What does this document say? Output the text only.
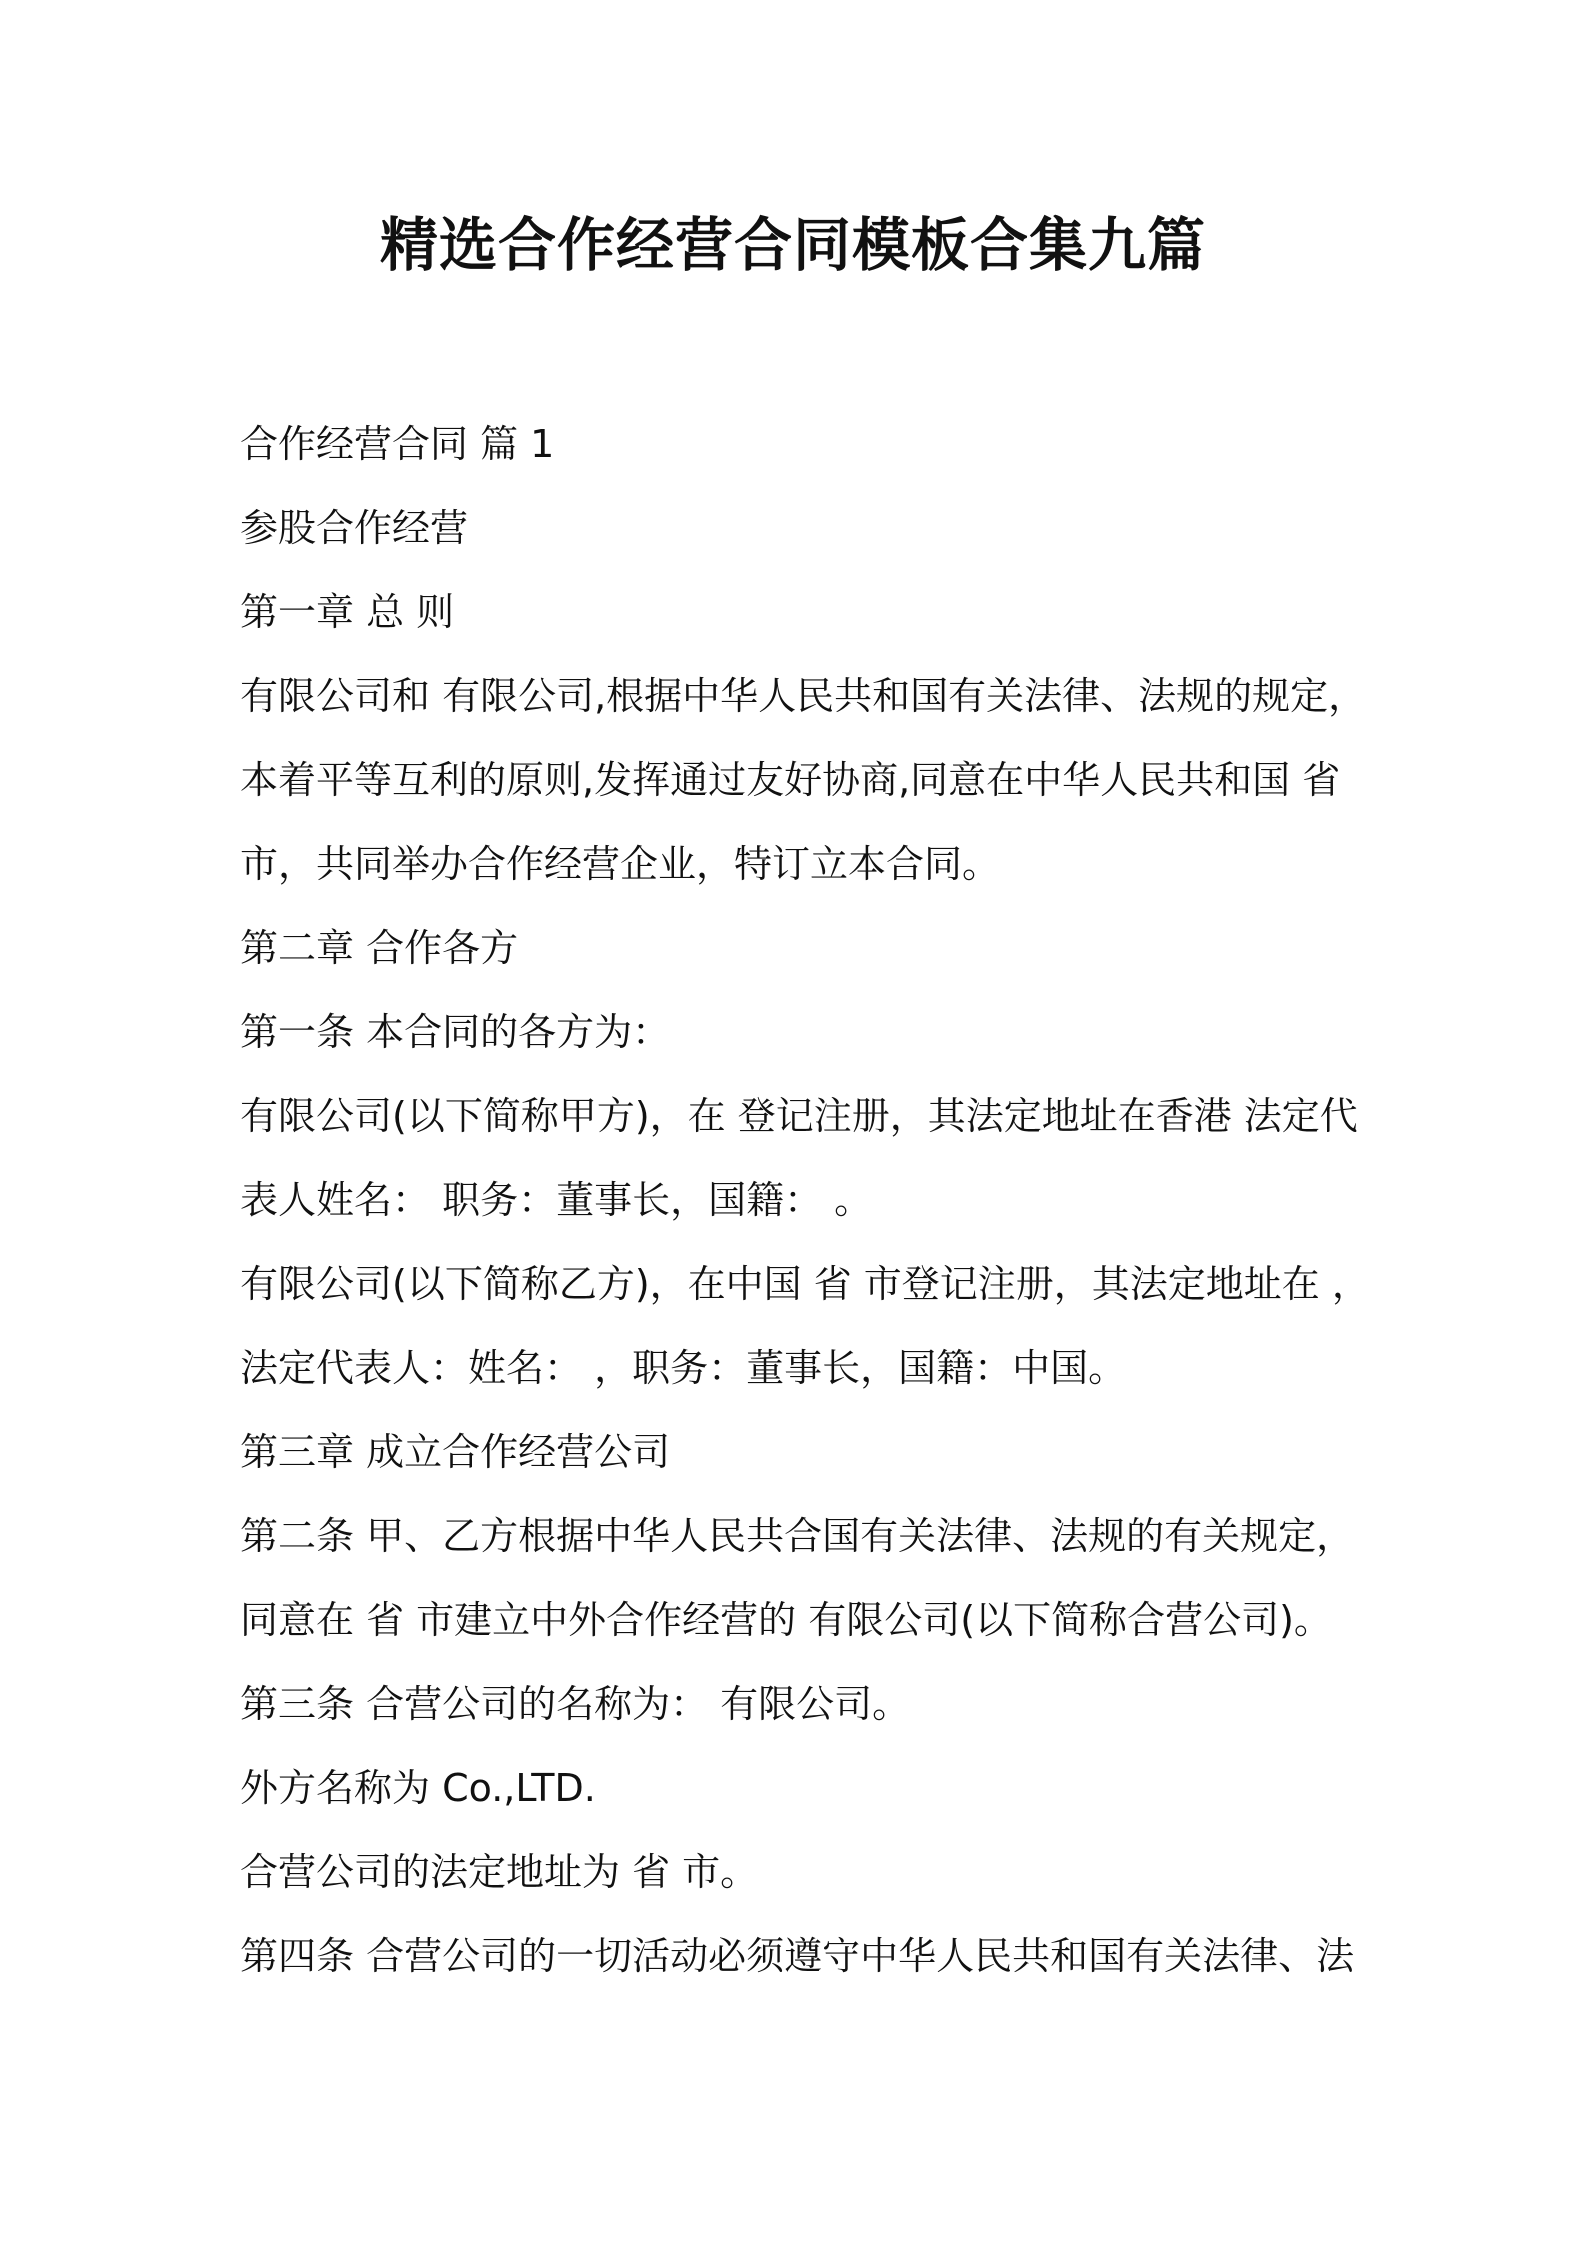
精选合作经营合同模板合集九篇

合作经营合同 篇 1

参股合作经营

第一章 总 则

有限公司和 有限公司,根据中华人民共和国有关法律、法规的规定，

本着平等互利的原则,发挥通过友好协商,同意在中华人民共和国 省

市，共同举办合作经营企业，特订立本合同。

第二章 合作各方

第一条 本合同的各方为：

有限公司(以下简称甲方)，在 登记注册，其法定地址在香港 法定代

表人姓名： 职务：董事长，国籍： 。

有限公司(以下简称乙方)，在中国 省 市登记注册，其法定地址在 ，

法定代表人：姓名： ，职务：董事长，国籍：中国。

第三章 成立合作经营公司

第二条 甲、乙方根据中华人民共合国有关法律、法规的有关规定，

同意在 省 市建立中外合作经营的 有限公司(以下简称合营公司)。

第三条 合营公司的名称为： 有限公司。

外方名称为 Co.,LTD.

合营公司的法定地址为 省 市。

第四条 合营公司的一切活动必须遵守中华人民共和国有关法律、法
